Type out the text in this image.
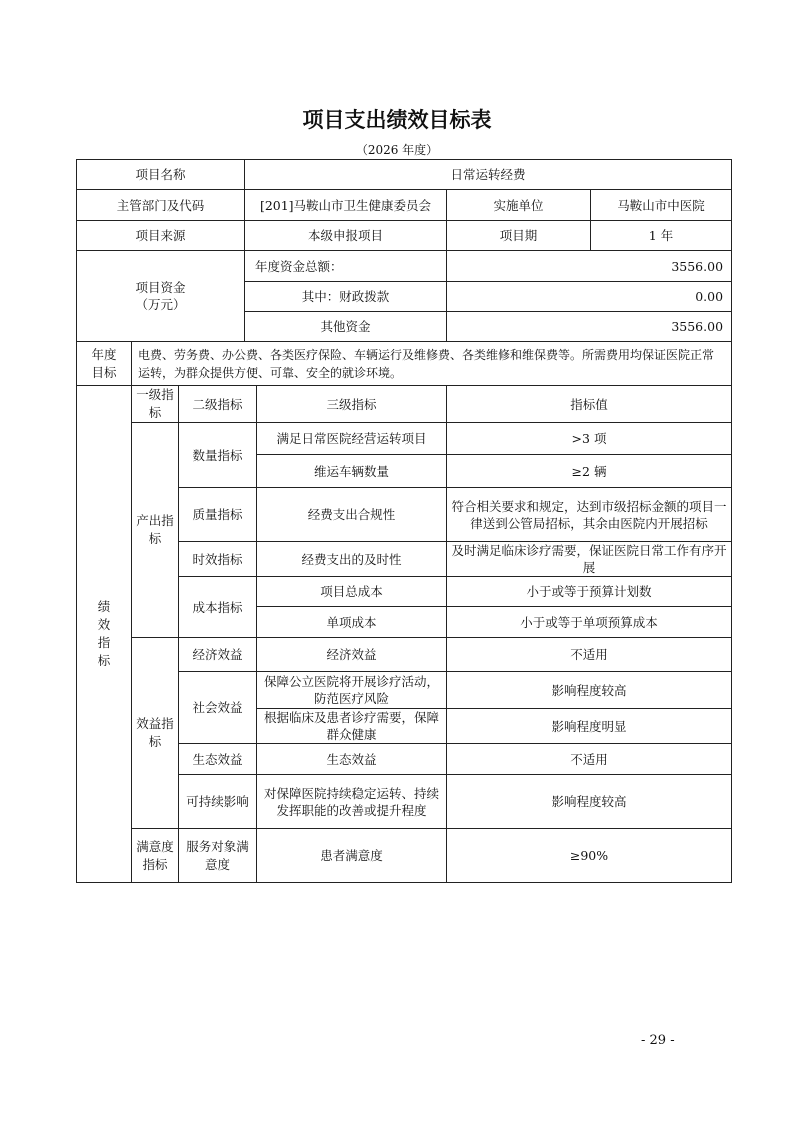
项目支出绩效目标表
（2026 年度）
项目名称	日常运转经费		
主管部门及代码	[201]马鞍山市卫生健康委员会	实施单位	马鞍山市中医院
项目来源	本级申报项目	项目期	1 年

项目资金
（万元）	年度资金总额：	3556.00	
	其中：财政拨款	0.00	
	其他资金	3556.00	
年度
目标
	电费、劳务费、办公费、各类医疗保险、车辆运行及维修费、各类维修和维保费等。所需费用均保证医院正常运转，为群众提供方便、可靠、安全的就诊环境。
绩效指标	一级指标	二级指标	三级指标	指标值
	产出指标	数量指标	满足日常医院经营运转项目	>3 项
			维运车辆数量	≥2 辆
		质量指标	经费支出合规性	符合相关要求和规定，达到市级招标金额的项目一律送到公管局招标，其余由医院内开展招标
		时效指标	经费支出的及时性	及时满足临床诊疗需要，保证医院日常工作有序开展
		成本指标	项目总成本	小于或等于预算计划数
			单项成本	小于或等于单项预算成本
	效益指标	经济效益	经济效益	不适用
		社会效益	保障公立医院将开展诊疗活动，防范医疗风险	影响程度较高
			根据临床及患者诊疗需要，保障群众健康	影响程度明显
		生态效益	生态效益	不适用
		可持续影响	对保障医院持续稳定运转、持续发挥职能的改善或提升程度	影响程度较高
	满意度指标	服务对象满意度	患者满意度	≥90%
- 29 -
